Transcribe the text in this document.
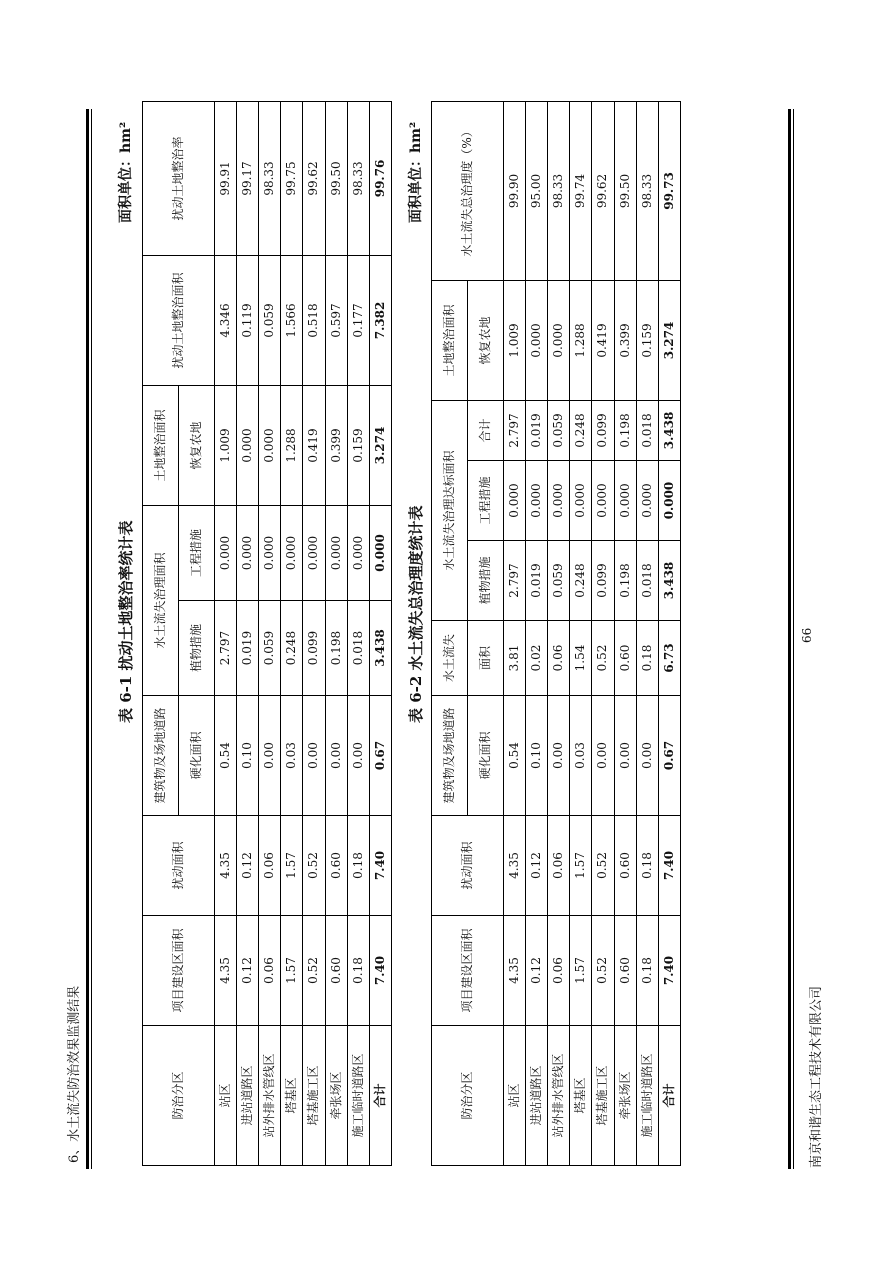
6、水土流失防治效果监测结果
表 6-1 扰动土地整治率统计表
面积单位：hm²
防治分区	项目建设区面积	扰动面积	建筑物及场地道路	水土流失治理面积		土地整治面积	扰动土地整治面积	扰动土地整治率
			硬化面积	植物措施	工程措施	恢复农地		
站区	4.35	4.35	0.54	2.797	0.000	1.009	4.346	99.91
进站道路区	0.12	0.12	0.10	0.019	0.000	0.000	0.119	99.17
站外排水管线区	0.06	0.06	0.00	0.059	0.000	0.000	0.059	98.33
塔基区	1.57	1.57	0.03	0.248	0.000	1.288	1.566	99.75
塔基施工区	0.52	0.52	0.00	0.099	0.000	0.419	0.518	99.62
牵张场区	0.60	0.60	0.00	0.198	0.000	0.399	0.597	99.50
施工临时道路区	0.18	0.18	0.00	0.018	0.000	0.159	0.177	98.33
合计	7.40	7.40	0.67	3.438	0.000	3.274	7.382	99.76
表 6-2 水土流失总治理度统计表
面积单位：hm²
防治分区	项目建设区面积	扰动面积	建筑物及场地道路	水土流失	水土流失治理达标面积			土地整治面积	水土流失总治理度（%）
			硬化面积	面积	植物措施	工程措施	合计	恢复农地	
站区	4.35	4.35	0.54	3.81	2.797	0.000	2.797	1.009	99.90
进站道路区	0.12	0.12	0.10	0.02	0.019	0.000	0.019	0.000	95.00
站外排水管线区	0.06	0.06	0.00	0.06	0.059	0.000	0.059	0.000	98.33
塔基区	1.57	1.57	0.03	1.54	0.248	0.000	0.248	1.288	99.74
塔基施工区	0.52	0.52	0.00	0.52	0.099	0.000	0.099	0.419	99.62
牵张场区	0.60	0.60	0.00	0.60	0.198	0.000	0.198	0.399	99.50
施工临时道路区	0.18	0.18	0.00	0.18	0.018	0.000	0.018	0.159	98.33
合计	7.40	7.40	0.67	6.73	3.438	0.000	3.438	3.274	99.73
66
南京和谐生态工程技术有限公司
